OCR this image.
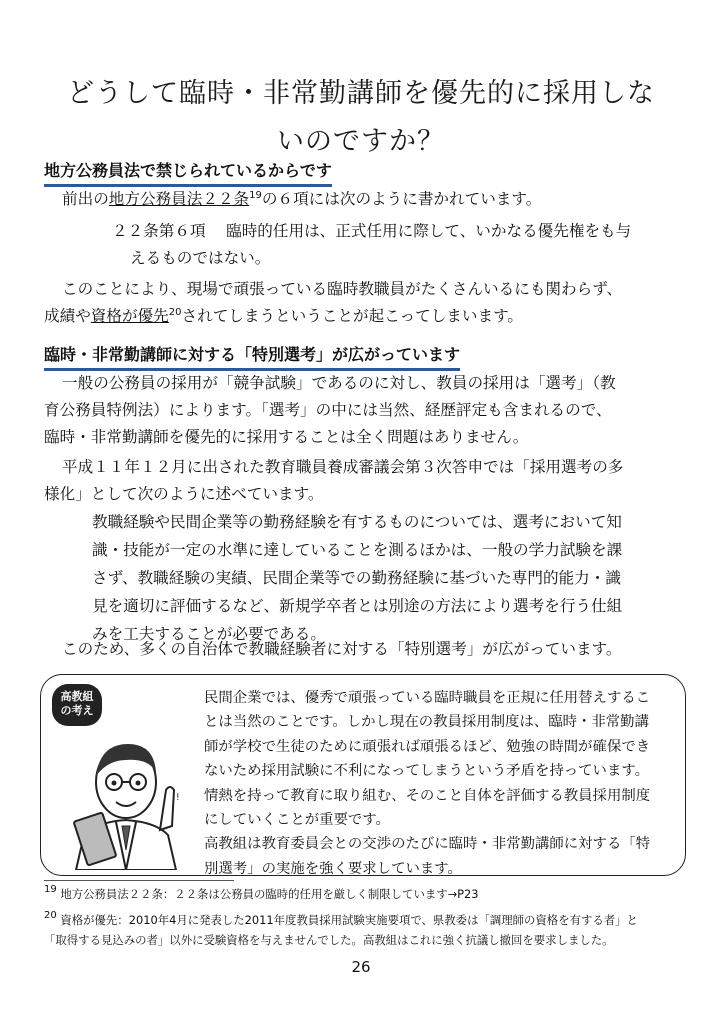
どうして臨時・非常勤講師を優先的に採用しな
いのですか？
地方公務員法で禁じられているからです
前出の地方公務員法２２条$^{19}$の６項には次のように書かれています。
２２条第６項　 臨時的任用は、正式任用に際して、いかなる優先権をも与
えるものではない。
このことにより、現場で頑張っている臨時教職員がたくさんいるにも関わらず、
成績や資格が優先$^{20}$されてしまうということが起こってしまいます。
臨時・非常勤講師に対する「特別選考」が広がっています
一般の公務員の採用が「競争試験」であるのに対し、教員の採用は「選考」（教
育公務員特例法）によります。「選考」の中には当然、経歴評定も含まれるので、
臨時・非常勤講師を優先的に採用することは全く問題はありません。
平成１１年１２月に出された教育職員養成審議会第３次答申では「採用選考の多
様化」として次のように述べています。
教職経験や民間企業等の勤務経験を有するものについては、選考において知
識・技能が一定の水準に達していることを測るほかは、一般の学力試験を課
さず、教職経験の実績、民間企業等での勤務経験に基づいた専門的能力・識
見を適切に評価するなど、新規学卒者とは別途の方法により選考を行う仕組
みを工夫することが必要である。
このため、多くの自治体で教職経験者に対する「特別選考」が広がっています。
高教組
の考え
!
民間企業では、優秀で頑張っている臨時職員を正規に任用替えするこ
とは当然のことです。しかし現在の教員採用制度は、臨時・非常勤講
師が学校で生徒のために頑張れば頑張るほど、勉強の時間が確保でき
ないため採用試験に不利になってしまうという矛盾を持っています。
情熱を持って教育に取り組む、そのこと自体を評価する教員採用制度
にしていくことが重要です。
高教組は教育委員会との交渉のたびに臨時・非常勤講師に対する「特
別選考」の実施を強く要求しています。
$^{19}$ 地方公務員法２２条：２２条は公務員の臨時的任用を厳しく制限しています→P23
$^{20}$ 資格が優先：2010年4月に発表した2011年度教員採用試験実施要項で、県教委は「調理師の資格を有する者」と
「取得する見込みの者」以外に受験資格を与えませんでした。高教組はこれに強く抗議し撤回を要求しました。
26
